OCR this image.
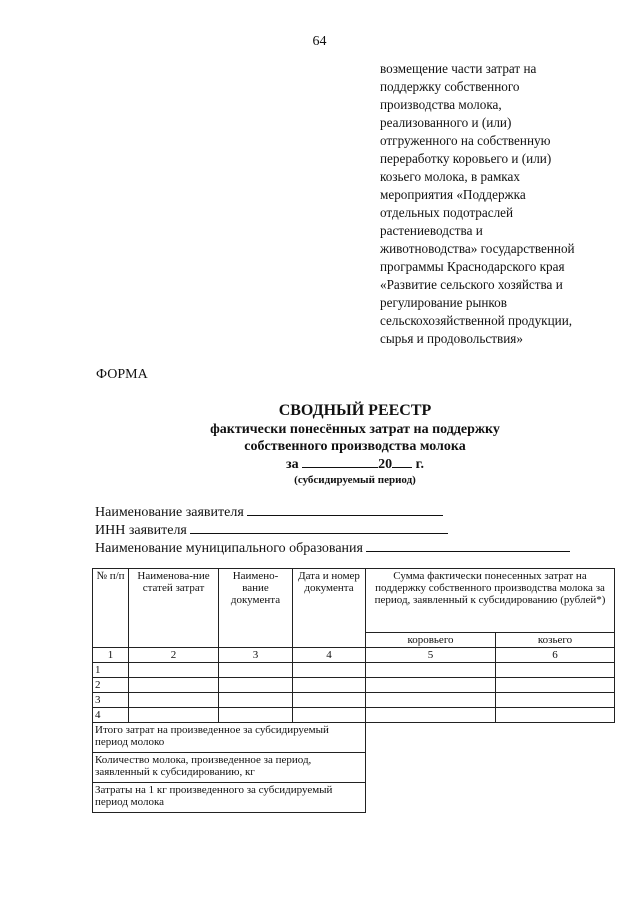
64
возмещение части затрат на
поддержку собственного
производства молока,
реализованного и (или)
отгруженного на собственную
переработку коровьего и (или)
козьего молока, в рамках
мероприятия «Поддержка
отдельных подотраслей
растениеводства и
животноводства» государственной
программы Краснодарского края
«Развитие сельского хозяйства и
регулирование рынков
сельскохозяйственной продукции,
сырья и продовольствия»
ФОРМА
СВОДНЫЙ РЕЕСТР
фактически понесённых затрат на поддержку
собственного производства молока
за	20 г.
(субсидируемый период)
Наименование заявителя
ИНН заявителя
Наименование муниципального образования
№ п/п	Наименова-ние статей затрат	Наимено-вание документа	Дата и номер документа	Сумма фактически понесенных затрат на поддержку собственного производства молока за период, заявленный к субсидированию (рублей*)	
				коровьего	козьего
1	2	3	4	5	6
1					
2					
3					
4					
Итого затрат на произведенное за субсидируемый период молоко					
Количество молока, произведенное за период, заявленный к субсидированию, кг					
Затраты на 1 кг произведенного за субсидируемый период молока					
